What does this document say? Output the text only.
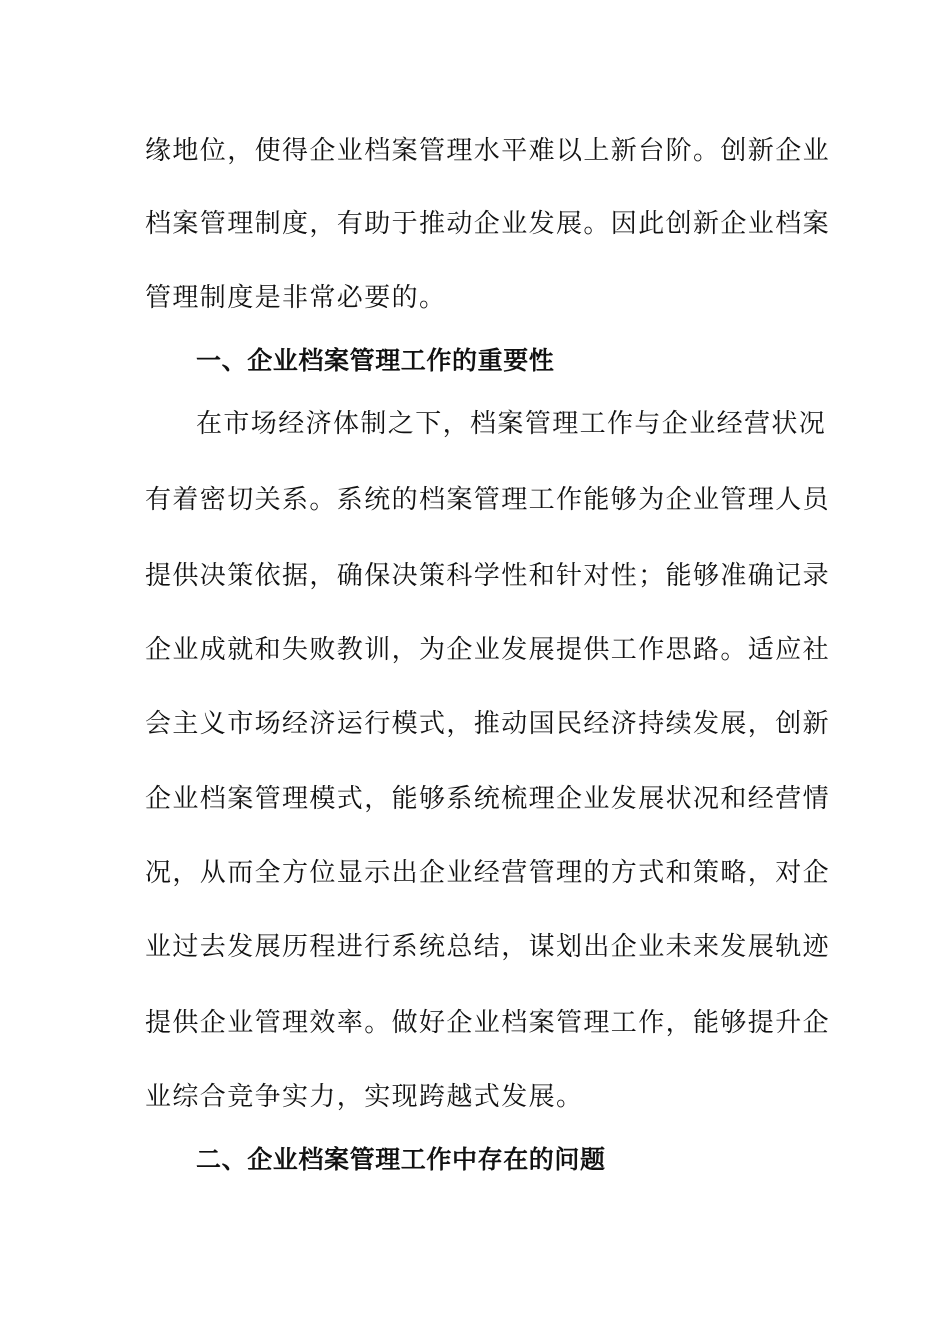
缘地位，使得企业档案管理水平难以上新台阶。创新企业
档案管理制度，有助于推动企业发展。因此创新企业档案
管理制度是非常必要的。
一、企业档案管理工作的重要性
在市场经济体制之下，档案管理工作与企业经营状况
有着密切关系。系统的档案管理工作能够为企业管理人员
提供决策依据，确保决策科学性和针对性；能够准确记录
企业成就和失败教训，为企业发展提供工作思路。适应社
会主义市场经济运行模式，推动国民经济持续发展，创新
企业档案管理模式，能够系统梳理企业发展状况和经营情
况，从而全方位显示出企业经营管理的方式和策略，对企
业过去发展历程进行系统总结，谋划出企业未来发展轨迹
提供企业管理效率。做好企业档案管理工作，能够提升企
业综合竞争实力，实现跨越式发展。
二、企业档案管理工作中存在的问题
